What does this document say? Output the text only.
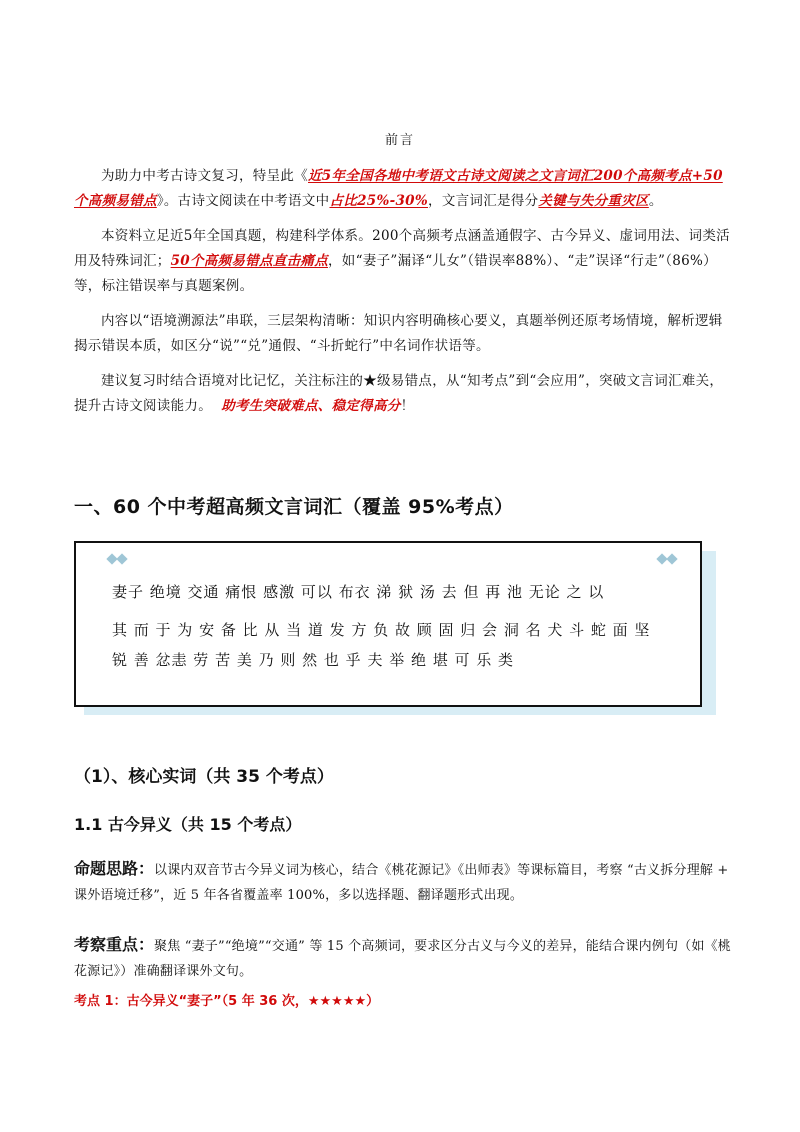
前言

为助力中考古诗文复习，特呈此《近5年全国各地中考语文古诗文阅读之文言词汇200个高频考点+50个高频易错点》。古诗文阅读在中考语文中占比25%-30%，文言词汇是得分关键与失分重灾区。

本资料立足近5年全国真题，构建科学体系。200个高频考点涵盖通假字、古今异义、虚词用法、词类活用及特殊词汇；50个高频易错点直击痛点，如“妻子”漏译“儿女”（错误率88%）、“走”误译“行走”（86%）等，标注错误率与真题案例。

内容以“语境溯源法”串联，三层架构清晰：知识内容明确核心要义，真题举例还原考场情境，解析逻辑揭示错误本质，如区分“说”“兑”通假、“斗折蛇行”中名词作状语等。

建议复习时结合语境对比记忆，关注标注的★级易错点，从“知考点”到“会应用”，突破文言词汇难关，提升古诗文阅读能力。 助考生突破难点、稳定得高分！

一、60 个中考超高频文言词汇（覆盖 95%考点）

妻子 绝境 交通 痛恨 感激 可以 布衣 涕 狱 汤 去 但 再 池 无论 之 以

其 而 于 为 安 备 比 从 当 道 发 方 负 故 顾 固 归 会 洞 名 犬 斗 蛇 面 坚

锐 善 忿恚 劳 苦 美 乃 则 然 也 乎 夫 举 绝 堪 可 乐 类

（1）、核心实词（共 35 个考点）
1.1 古今异义（共 15 个考点）

命题思路：以课内双音节古今异义词为核心，结合《桃花源记》《出师表》等课标篇目，考察 “古义拆分理解 + 课外语境迁移”，近 5 年各省覆盖率 100%，多以选择题、翻译题形式出现。

考察重点：聚焦 “妻子”“绝境”“交通” 等 15 个高频词，要求区分古义与今义的差异，能结合课内例句（如《桃花源记》）准确翻译课外文句。

考点 1：古今异义“妻子”（5 年 36 次，★★★★★）
